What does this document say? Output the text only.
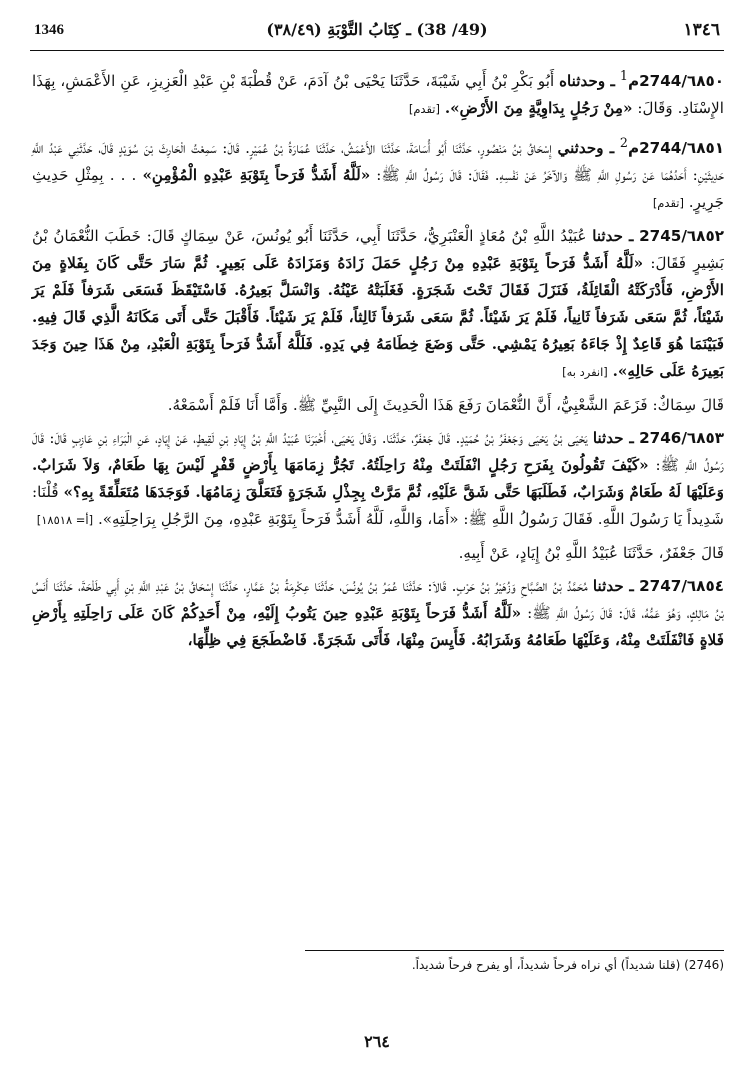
1346	(49/ 38) ـ كِتَابُ التَّوْبَةِ (٣٨/٤٩)	١٣٤٦

٦٨٥٠/2744م$^1$ ـ وحدثناه أَبُو بَكْرِ بْنُ أَبِي شَيْبَةَ، حَدَّثَنَا يَحْيَى بْنُ آدَمَ، عَنْ قُطْبَةَ بْنِ عَبْدِ الْعَزِيزِ، عَنِ الأَعْمَشِ، بِهَذَا الإِسْنَادِ. وَقَالَ: «مِنْ رَجُلٍ بِدَاوِيَّةٍ مِنَ الأَرْضِ». [تقدم]

٦٨٥١/2744م$^2$ ـ وحدثني إِسْحَاقُ بْنُ مَنْصُورٍ، حَدَّثَنَا أَبُو أُسَامَةَ، حَدَّثَنَا الأَعْمَشُ، حَدَّثَنَا عُمَارَةُ بْنُ عُمَيْرٍ. قَالَ: سَمِعْتُ الْحَارِثَ بْنَ سُوَيْدٍ قَالَ، حَدَّثَنِي عَبْدُ اللَّهِ حَدِيثَيْنِ: أَحَدُهُمَا عَنْ رَسُولِ اللَّهِ ﷺ وَالآخَرُ عَنْ نَفْسِهِ. فَقَالَ: قَالَ رَسُولُ اللَّهِ ﷺ: «لَلَّهُ أَشَدُّ فَرَحاً بِتَوْبَةِ عَبْدِهِ الْمُؤْمِنِ» . . . بِمِثْلِ حَدِيثِ جَرِيرٍ. [تقدم]

٦٨٥٢/2745 ـ حدثنا عُبَيْدُ اللَّهِ بْنُ مُعَاذٍ الْعَنْبَرِيُّ، حَدَّثَنَا أَبِي، حَدَّثَنَا أَبُو يُونُسَ، عَنْ سِمَاكٍ قَالَ: خَطَبَ النُّعْمَانُ بْنُ بَشِيرٍ فَقَالَ: «لَلَّهُ أَشَدُّ فَرَحاً بِتَوْبَةِ عَبْدِهِ مِنْ رَجُلٍ حَمَلَ زَادَهُ وَمَزَادَهُ عَلَى بَعِيرٍ. ثُمَّ سَارَ حَتَّى كَانَ بِفَلاةٍ مِنَ الأَرْضِ، فَأَدْرَكَتْهُ الْقَائِلَةُ، فَنَزَلَ فَقَالَ تَحْتَ شَجَرَةٍ. فَغَلَبَتْهُ عَيْنُهُ. وَانْسَلَّ بَعِيرُهُ. فَاسْتَيْقَظَ فَسَعَى شَرَفاً فَلَمْ يَرَ شَيْئاً، ثُمَّ سَعَى شَرَفاً ثَانِياً، فَلَمْ يَرَ شَيْئاً. ثُمَّ سَعَى شَرَفاً ثَالِثاً، فَلَمْ يَرَ شَيْئاً. فَأَقْبَلَ حَتَّى أَتَى مَكَانَهُ الَّذِي قَالَ فِيهِ. فَبَيْنَمَا هُوَ قَاعِدٌ إِذْ جَاءَهُ بَعِيرُهُ يَمْشِي. حَتَّى وَضَعَ خِطَامَهُ فِي يَدِهِ. فَلَلَّهُ أَشَدُّ فَرَحاً بِتَوْبَةِ الْعَبْدِ، مِنْ هَذَا حِينَ وَجَدَ بَعِيرَهُ عَلَى حَالِهِ». [انفرد به]

قَالَ سِمَاكٌ: فَزَعَمَ الشَّعْبِيُّ، أَنَّ النُّعْمَانَ رَفَعَ هَذَا الْحَدِيثَ إِلَى النَّبِيِّ ﷺ. وَأَمَّا أَنَا فَلَمْ أَسْمَعْهُ.

٦٨٥٣/2746 ـ حدثنا يَحْيَى بْنُ يَحْيَى وَجَعْفَرُ بْنُ حُمَيْدٍ. قَالَ جَعْفَرٌ، حَدَّثَنَا. وَقَالَ يَحْيَى، أَخْبَرَنَا عُبَيْدُ اللَّهِ بْنُ إِيَادِ بْنِ لَقِيطٍ، عَنْ إِيَادٍ، عَنِ الْبَرَاءِ بْنِ عَازِبٍ قَالَ: قَالَ رَسُولُ اللَّهِ ﷺ: «كَيْفَ تَقُولُونَ بِفَرَحِ رَجُلٍ انْفَلَتَتْ مِنْهُ رَاحِلَتُهُ. تَجُرُّ زِمَامَهَا بِأَرْضٍ قَفْرٍ لَيْسَ بِهَا طَعَامٌ، وَلاَ شَرَابٌ. وَعَلَيْهَا لَهُ طَعَامٌ وَشَرَابٌ، فَطَلَبَهَا حَتَّى شَقَّ عَلَيْهِ، ثُمَّ مَرَّتْ بِجِذْلِ شَجَرَةٍ فَتَعَلَّقَ زِمَامُهَا. فَوَجَدَهَا مُتَعَلِّقَةً بِهِ؟» قُلْنَا: شَدِيداً يَا رَسُولَ اللَّهِ. فَقَالَ رَسُولُ اللَّهِ ﷺ: «أَمَا، وَاللَّهِ، لَلَّهُ أَشَدُّ فَرَحاً بِتَوْبَةِ عَبْدِهِ، مِنَ الرَّجُلِ بِرَاحِلَتِهِ». [أ= ١٨٥١٨]

قَالَ جَعْفَرٌ، حَدَّثَنَا عُبَيْدُ اللَّهِ بْنُ إِيَادٍ، عَنْ أَبِيهِ.

٦٨٥٤/2747 ـ حدثنا مُحَمَّدُ بْنُ الصَّبَّاحِ وَزُهَيْرُ بْنُ حَرْبٍ. قَالاَ: حَدَّثَنَا عُمَرُ بْنُ يُونُسَ، حَدَّثَنَا عِكْرِمَةُ بْنُ عَمَّارٍ، حَدَّثَنَا إِسْحَاقُ بْنُ عَبْدِ اللَّهِ بْنِ أَبِي طَلْحَةَ، حَدَّثَنَا أَنَسُ بْنُ مَالِكٍ، وَهُوَ عَمُّهُ، قَالَ: قَالَ رَسُولُ اللَّهِ ﷺ: «لَلَّهُ أَشَدُّ فَرَحاً بِتَوْبَةِ عَبْدِهِ حِينَ يَتُوبُ إِلَيْهِ، مِنْ أَحَدِكُمْ كَانَ عَلَى رَاحِلَتِهِ بِأَرْضِ فَلاةٍ فَانْفَلَتَتْ مِنْهُ، وَعَلَيْهَا طَعَامُهُ وَشَرَابُهُ. فَأَيِسَ مِنْهَا، فَأَتَى شَجَرَةً. فَاضْطَجَعَ فِي ظِلِّهَا،

(2746) (قلنا شديداً) أي نراه فرحاً شديداً، أو يفرح فرحاً شديداً.
٢٦٤
